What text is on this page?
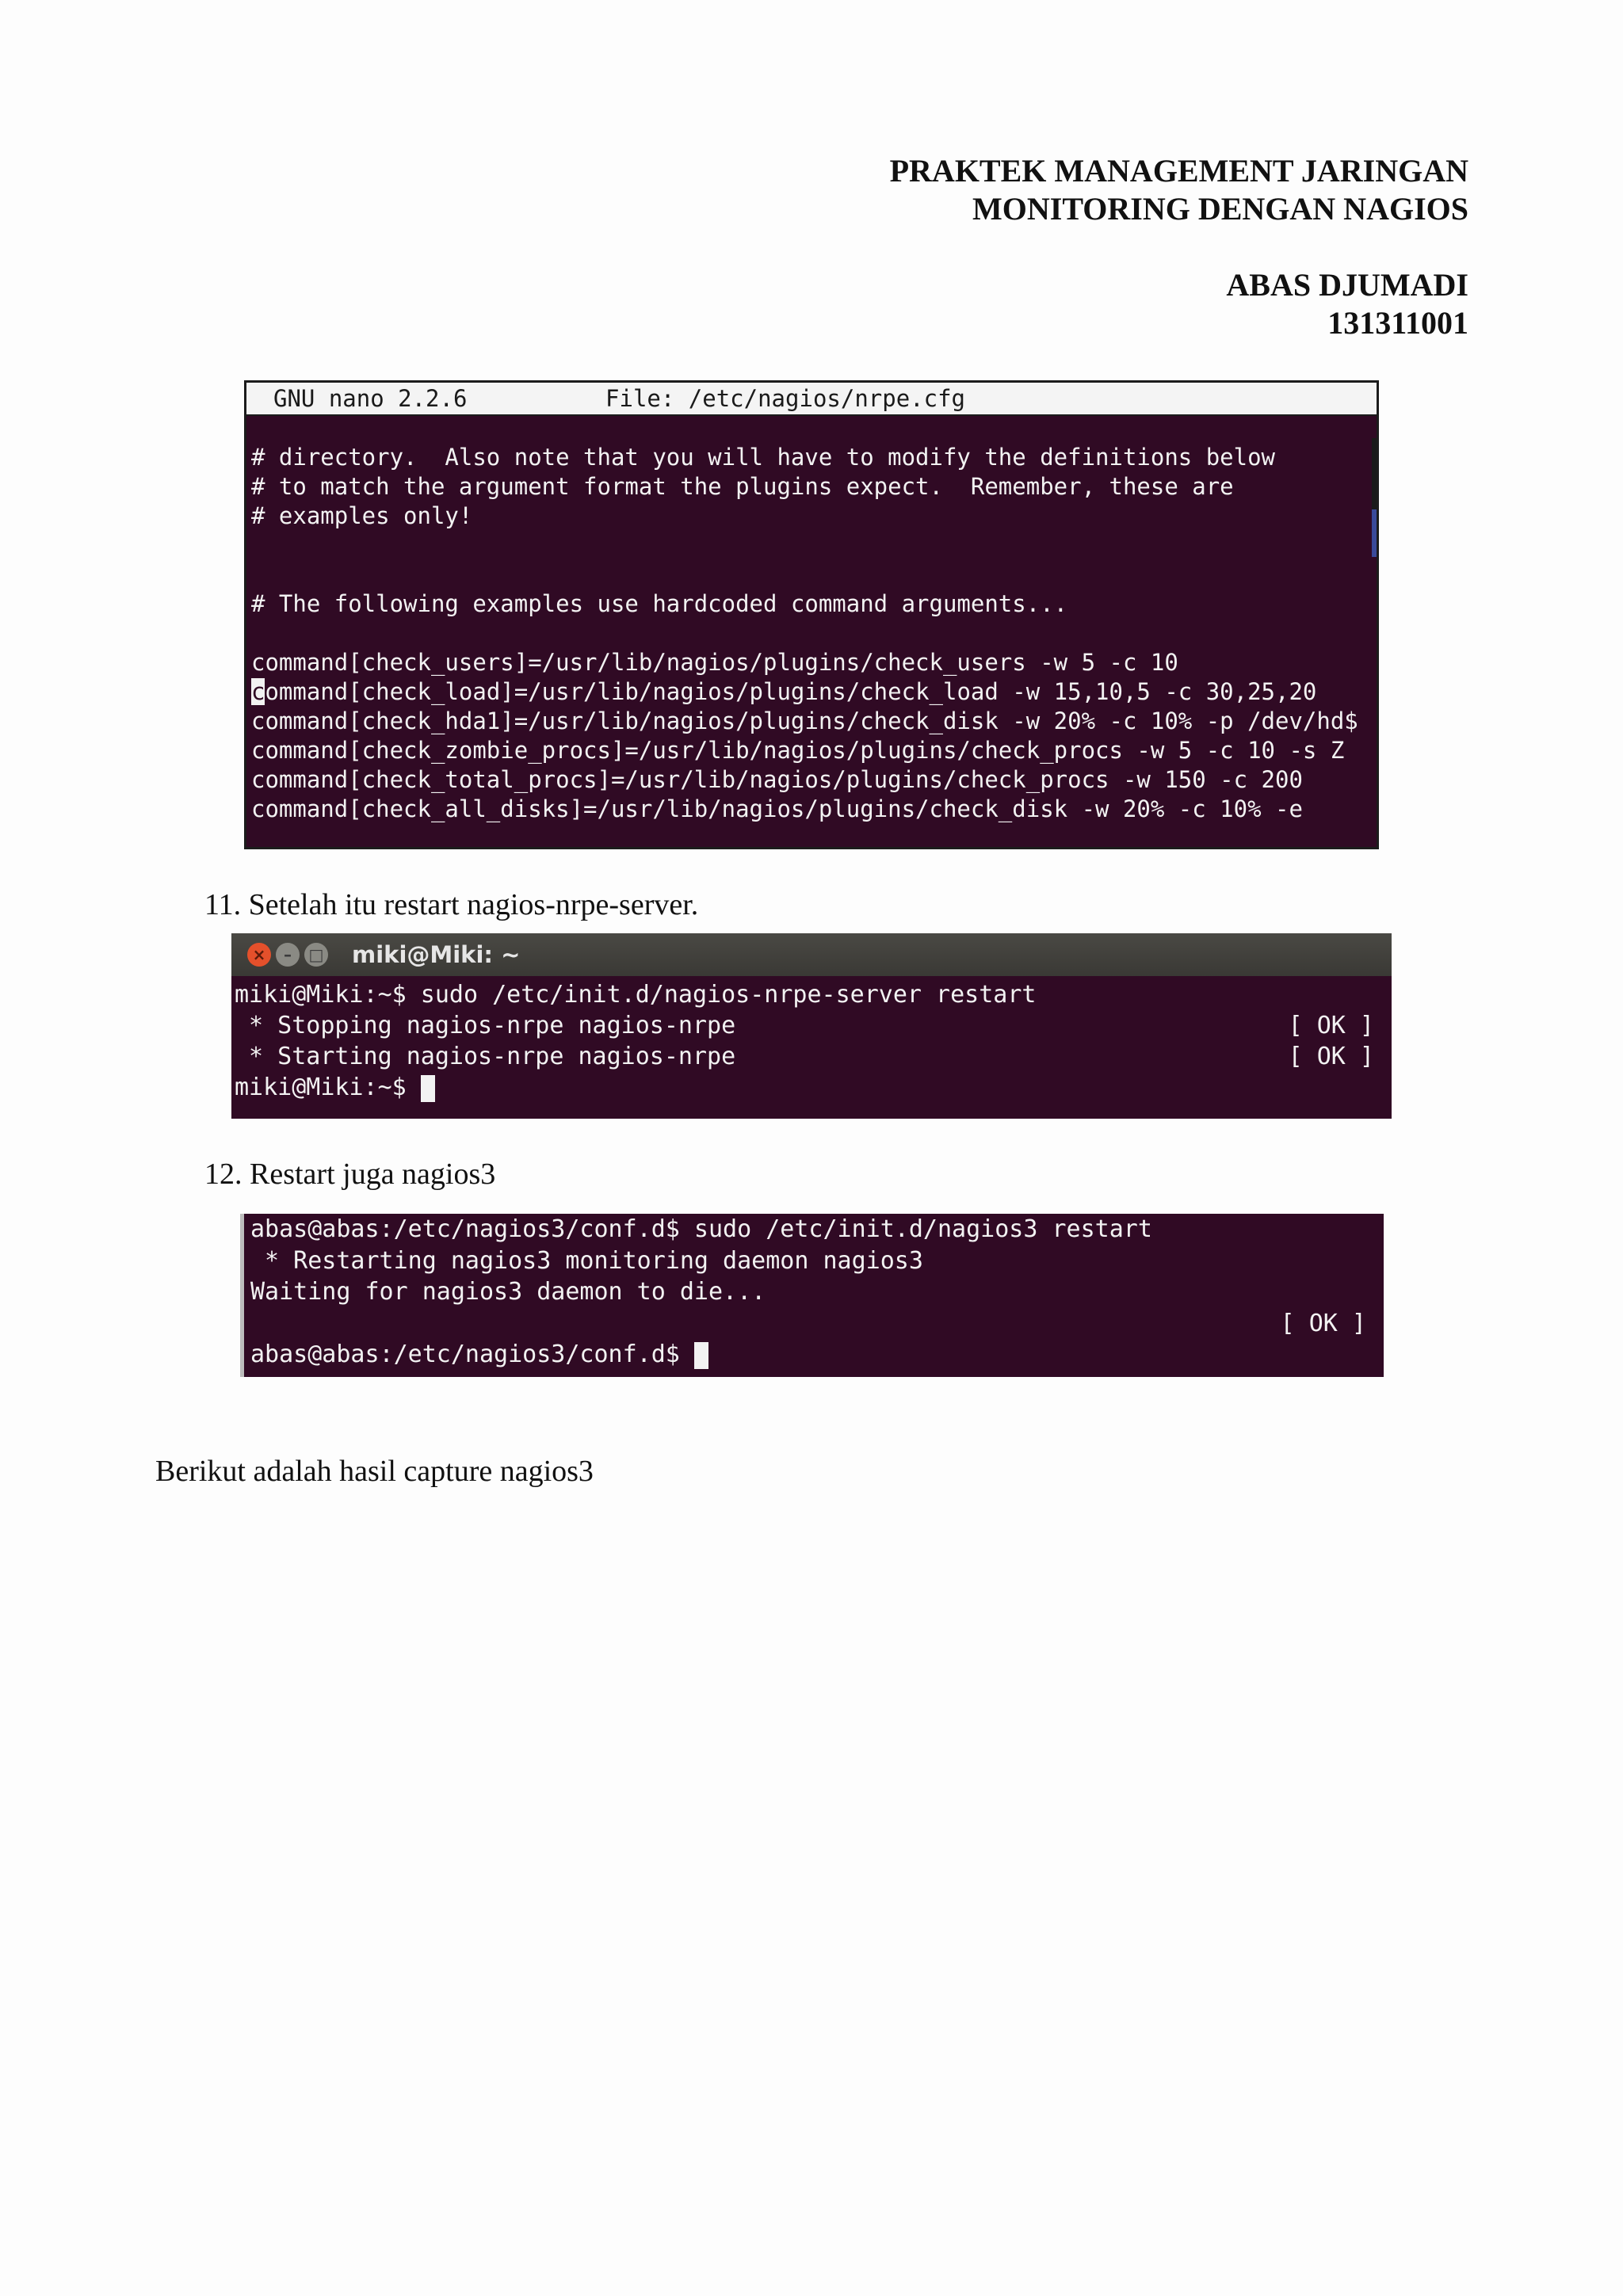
PRAKTEK MANAGEMENT JARINGAN
MONITORING DENGAN NAGIOS
ABAS DJUMADI
131311001
GNU nano 2.2.6	File: /etc/nagios/nrpe.cfg
# directory.  Also note that you will have to modify the definitions below
# to match the argument format the plugins expect.  Remember, these are
# examples only!
# The following examples use hardcoded command arguments...
command[check_users]=/usr/lib/nagios/plugins/check_users -w 5 -c 10
command[check_load]=/usr/lib/nagios/plugins/check_load -w 15,10,5 -c 30,25,20
command[check_hda1]=/usr/lib/nagios/plugins/check_disk -w 20% -c 10% -p /dev/hd$
command[check_zombie_procs]=/usr/lib/nagios/plugins/check_procs -w 5 -c 10 -s Z
command[check_total_procs]=/usr/lib/nagios/plugins/check_procs -w 150 -c 200
command[check_all_disks]=/usr/lib/nagios/plugins/check_disk -w 20% -c 10% -e
11. Setelah itu restart nagios-nrpe-server.
×	–	□ miki@Miki: ~
miki@Miki:~$ sudo /etc/init.d/nagios-nrpe-server restart
* Stopping nagios-nrpe nagios-nrpe	[ OK ]
* Starting nagios-nrpe nagios-nrpe	[ OK ]
miki@Miki:~$
12. Restart juga nagios3
abas@abas:/etc/nagios3/conf.d$ sudo /etc/init.d/nagios3 restart
* Restarting nagios3 monitoring daemon nagios3
Waiting for nagios3 daemon to die...
[ OK ]
abas@abas:/etc/nagios3/conf.d$
Berikut adalah hasil capture nagios3
